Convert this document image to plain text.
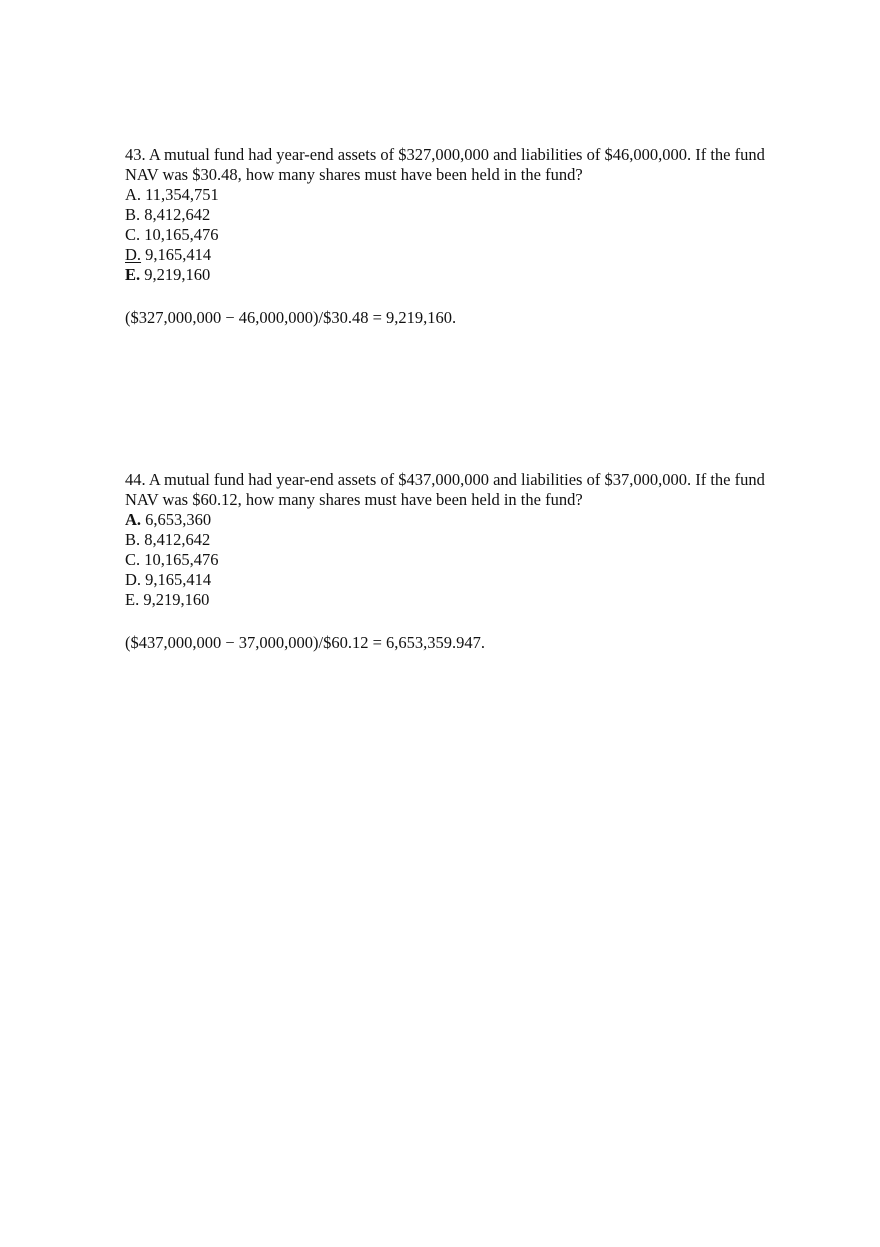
43. A mutual fund had year-end assets of $327,000,000 and liabilities of $46,000,000. If the fund NAV was $30.48, how many shares must have been held in the fund?

A. 11,354,751
B. 8,412,642
C. 10,165,476
D. 9,165,414
E. 9,219,160

($327,000,000 − 46,000,000)/$30.48 = 9,219,160.

44. A mutual fund had year-end assets of $437,000,000 and liabilities of $37,000,000. If the fund NAV was $60.12, how many shares must have been held in the fund?

A. 6,653,360
B. 8,412,642
C. 10,165,476
D. 9,165,414
E. 9,219,160

($437,000,000 − 37,000,000)/$60.12 = 6,653,359.947.
